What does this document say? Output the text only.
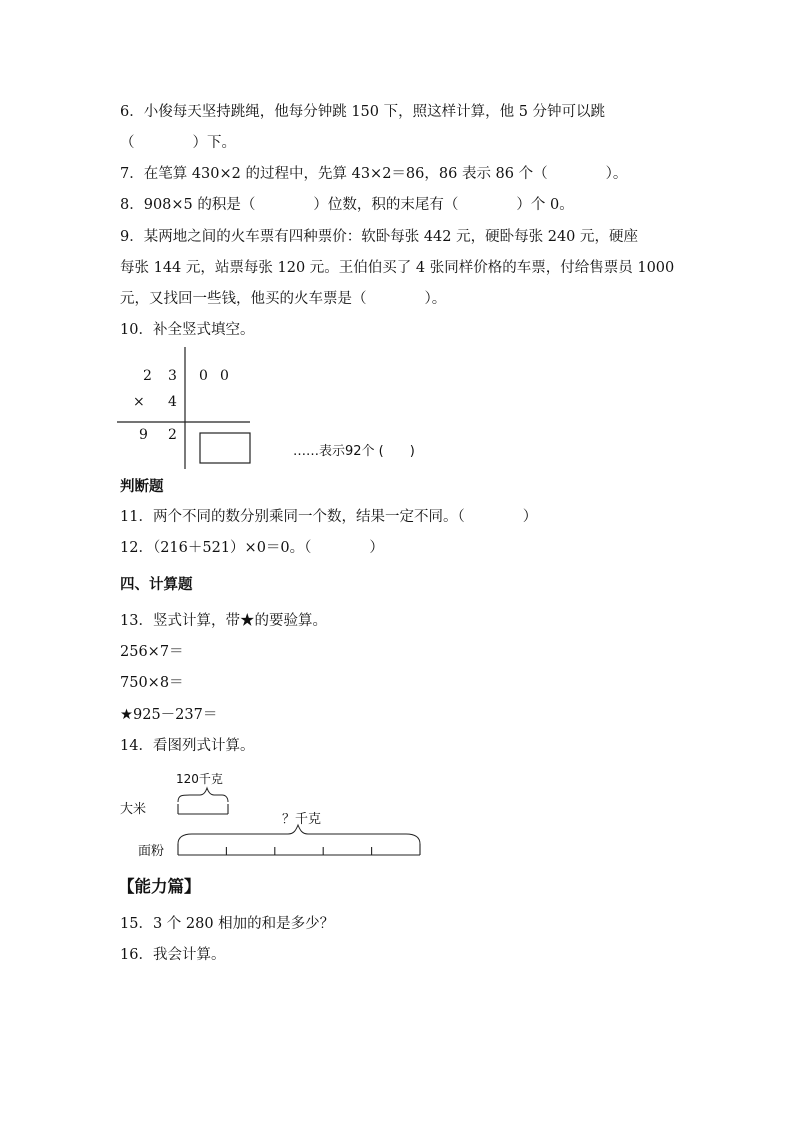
6．小俊每天坚持跳绳，他每分钟跳 150 下，照这样计算，他 5 分钟可以跳
（　　　　）下。
7．在笔算 430×2 的过程中，先算 43×2＝86，86 表示 86 个（　　　　）。
8．908×5 的积是（　　　　）位数，积的末尾有（　　　　）个 0。
9．某两地之间的火车票有四种票价：软卧每张 442 元，硬卧每张 240 元，硬座
每张 144 元，站票每张 120 元。王伯伯买了 4 张同样价格的车票，付给售票员 1000
元，又找回一些钱，他买的火车票是（　　　　）。
10．补全竖式填空。
2 3 0 0
× 4
9 2
……表示92个 (　　)
判断题
11．两个不同的数分别乘同一个数，结果一定不同。（　　　　）
12．（216＋521）×0＝0。（　　　　）
四、计算题
13．竖式计算，带★的要验算。
256×7＝
750×8＝
★925－237＝
14．看图列式计算。
大米
120千克
？千克
面粉
【能力篇】
15．3 个 280 相加的和是多少？
16．我会计算。
